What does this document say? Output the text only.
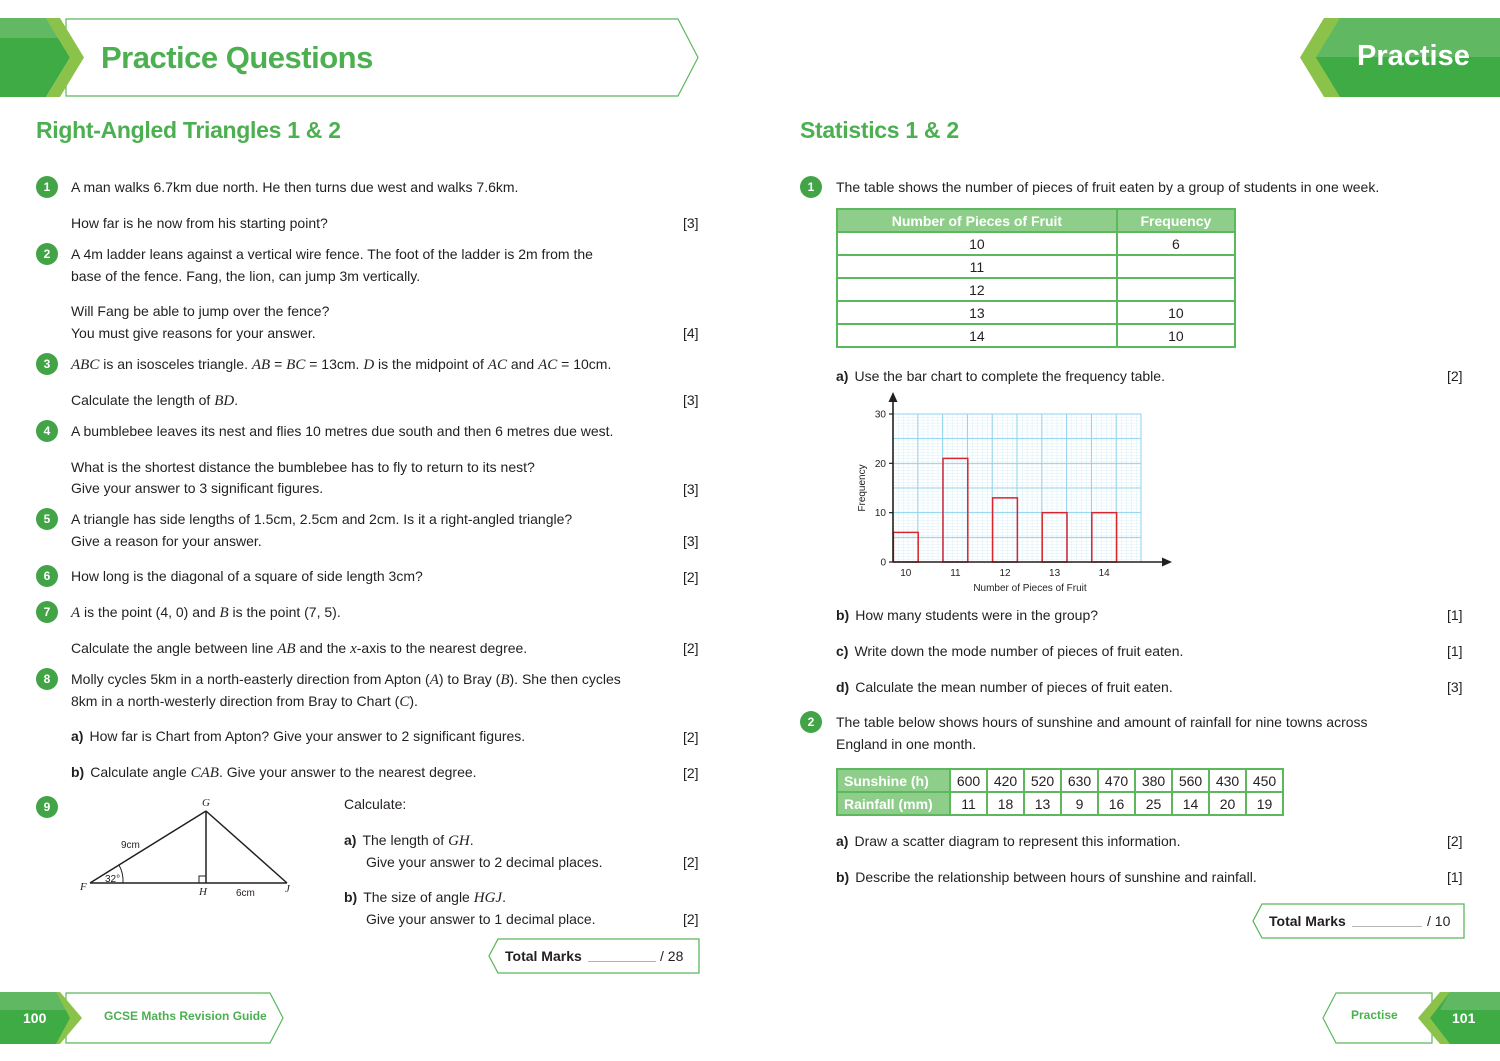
Practice Questions	Practise
Right-Angled Triangles 1 & 2
1	A man walks 6.7km due north. He then turns due west and walks 7.6km.
How far is he now from his starting point?	[3]
2	A 4m ladder leans against a vertical wire fence. The foot of the ladder is 2m from the
base of the fence. Fang, the lion, can jump 3m vertically.
Will Fang be able to jump over the fence?
You must give reasons for your answer.	[4]
3	ABC is an isosceles triangle. AB = BC = 13cm. D is the midpoint of AC and AC = 10cm.
Calculate the length of BD.	[3]
4	A bumblebee leaves its nest and flies 10 metres due south and then 6 metres due west.
What is the shortest distance the bumblebee has to fly to return to its nest?
Give your answer to 3 significant figures.	[3]
5	A triangle has side lengths of 1.5cm, 2.5cm and 2cm. Is it a right-angled triangle?
Give a reason for your answer.	[3]
6	How long is the diagonal of a square of side length 3cm?	[2]
7	A is the point (4, 0) and B is the point (7, 5).
Calculate the angle between line AB and the x-axis to the nearest degree.	[2]
8	Molly cycles 5km in a north-easterly direction from Apton (A) to Bray (B). She then cycles
8km in a north-westerly direction from Bray to Chart (C).
a) How far is Chart from Apton? Give your answer to 2 significant figures.	[2]
b) Calculate angle CAB. Give your answer to the nearest degree.	[2]
9	G
F	H	J
9cm
6cm
32°
Calculate:
a) The length of GH.
Give your answer to 2 decimal places.	[2]
b) The size of angle HGJ.
Give your answer to 1 decimal place.	[2]
Total Marks	/ 28
100	GCSE Maths Revision Guide
Statistics 1 & 2
1	The table shows the number of pieces of fruit eaten by a group of students in one week.
Number of Pieces of Fruit	Frequency
10	6
11	
12	
13	10
14	10
a) Use the bar chart to complete the frequency table.	[2]
0
10
20
30
10	11	12	13	14
Number of Pieces of Fruit
Frequency
b) How many students were in the group?	[1]
c) Write down the mode number of pieces of fruit eaten.	[1]
d) Calculate the mean number of pieces of fruit eaten.	[3]
2	The table below shows hours of sunshine and amount of rainfall for nine towns across
England in one month.
Sunshine (h)	600	420	520	630	470	380	560	430	450
Rainfall (mm)	11	18	13	9	16	25	14	20	19
a) Draw a scatter diagram to represent this information.	[2]
b) Describe the relationship between hours of sunshine and rainfall.	[1]
Total Marks	/ 10
Practise	101
